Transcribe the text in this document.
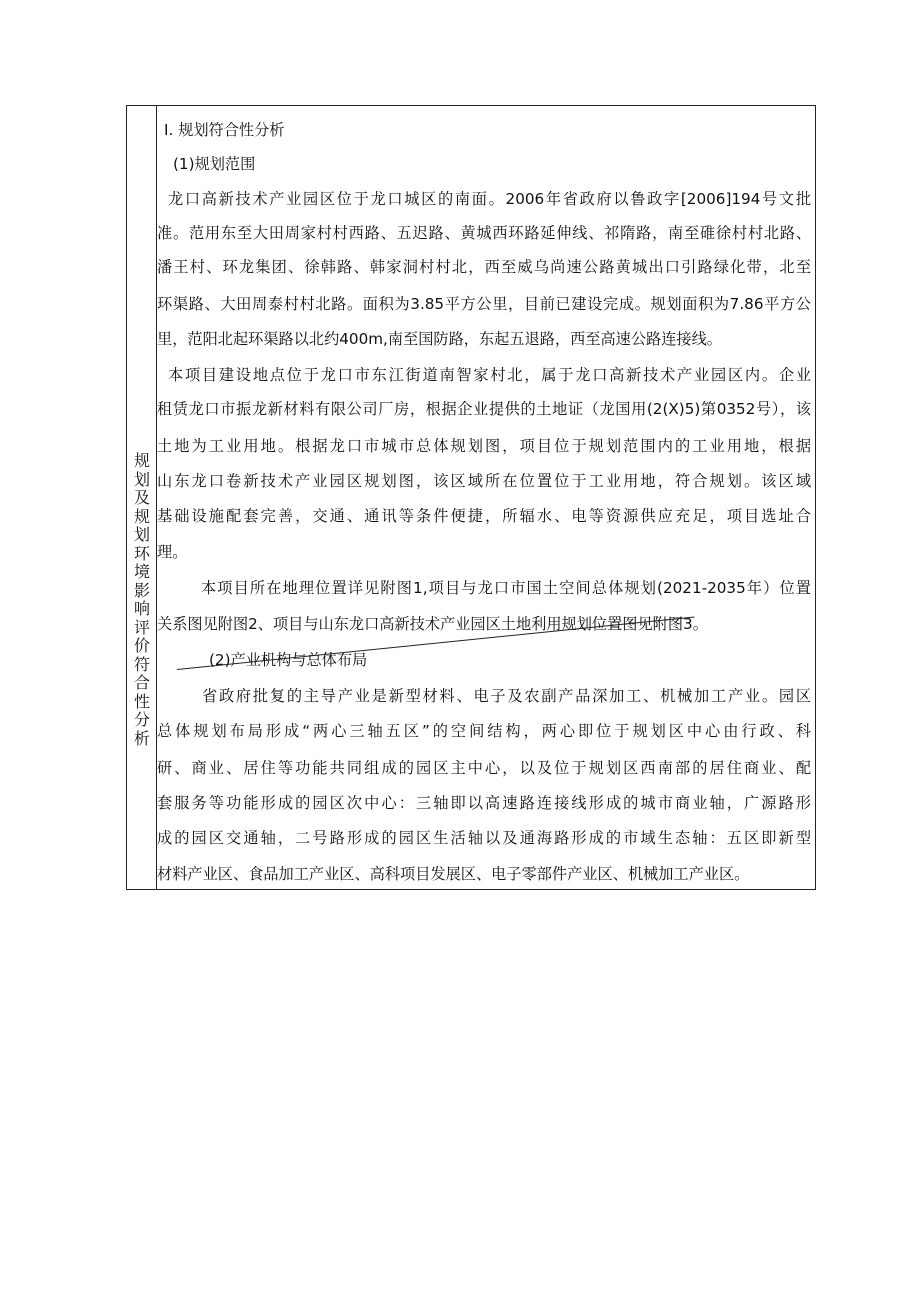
规划及规划环境影响评价符合性分析
I. 规划符合性分析
(1)规划范围
龙口高新技术产业园区位于龙口城区的南面。2006年省政府以鲁政字[2006]194号文批
准。范用东至大田周家村村西路、五迟路、黄城西环路延伸线、祁隋路，南至碓徐村村北路、
潘王村、环龙集团、徐韩路、韩家洞村村北，西至威乌尚速公路黄城出口引路绿化带，北至
环渠路、大田周泰村村北路。面积为3.85平方公里，目前已建设完成。规划面积为7.86平方公
里，范阳北起环渠路以北约400m,南至国防路，东起五退路，西至高速公路连接线。
本项目建设地点位于龙口市东江街道南智家村北，属于龙口高新技术产业园区内。企业
租赁龙口市振龙新材料有限公司厂房，根据企业提供的土地证（龙国用(2(X)5)第0352号），该
土地为工业用地。根据龙口市城市总体规划图，项目位于规划范围内的工业用地，根据
山东龙口卷新技术产业园区规划图，该区域所在位置位于工业用地，符合规划。该区域
基础设施配套完善，交通、通讯等条件便捷，所辐水、电等资源供应充足，项目选址合
理。
本项目所在地理位置详见附图1,项目与龙口市国土空间总体规划(2021-2035年）位置
关系图见附图2、项目与山东龙口高新技术产业园区土地利用规划位置图见附图3。
(2)产业机构与总体布局
省政府批复的主导产业是新型材料、电子及农副产品深加工、机械加工产业。园区
总体规划布局形成“两心三轴五区”的空间结构，两心即位于规划区中心由行政、科
研、商业、居住等功能共同组成的园区主中心，以及位于规划区西南部的居住商业、配
套服务等功能形成的园区次中心：三轴即以高速路连接线形成的城市商业轴，广源路形
成的园区交通轴，二号路形成的园区生活轴以及通海路形成的市域生态轴：五区即新型
材料产业区、食品加工产业区、高科项目发展区、电子零部件产业区、机械加工产业区。
